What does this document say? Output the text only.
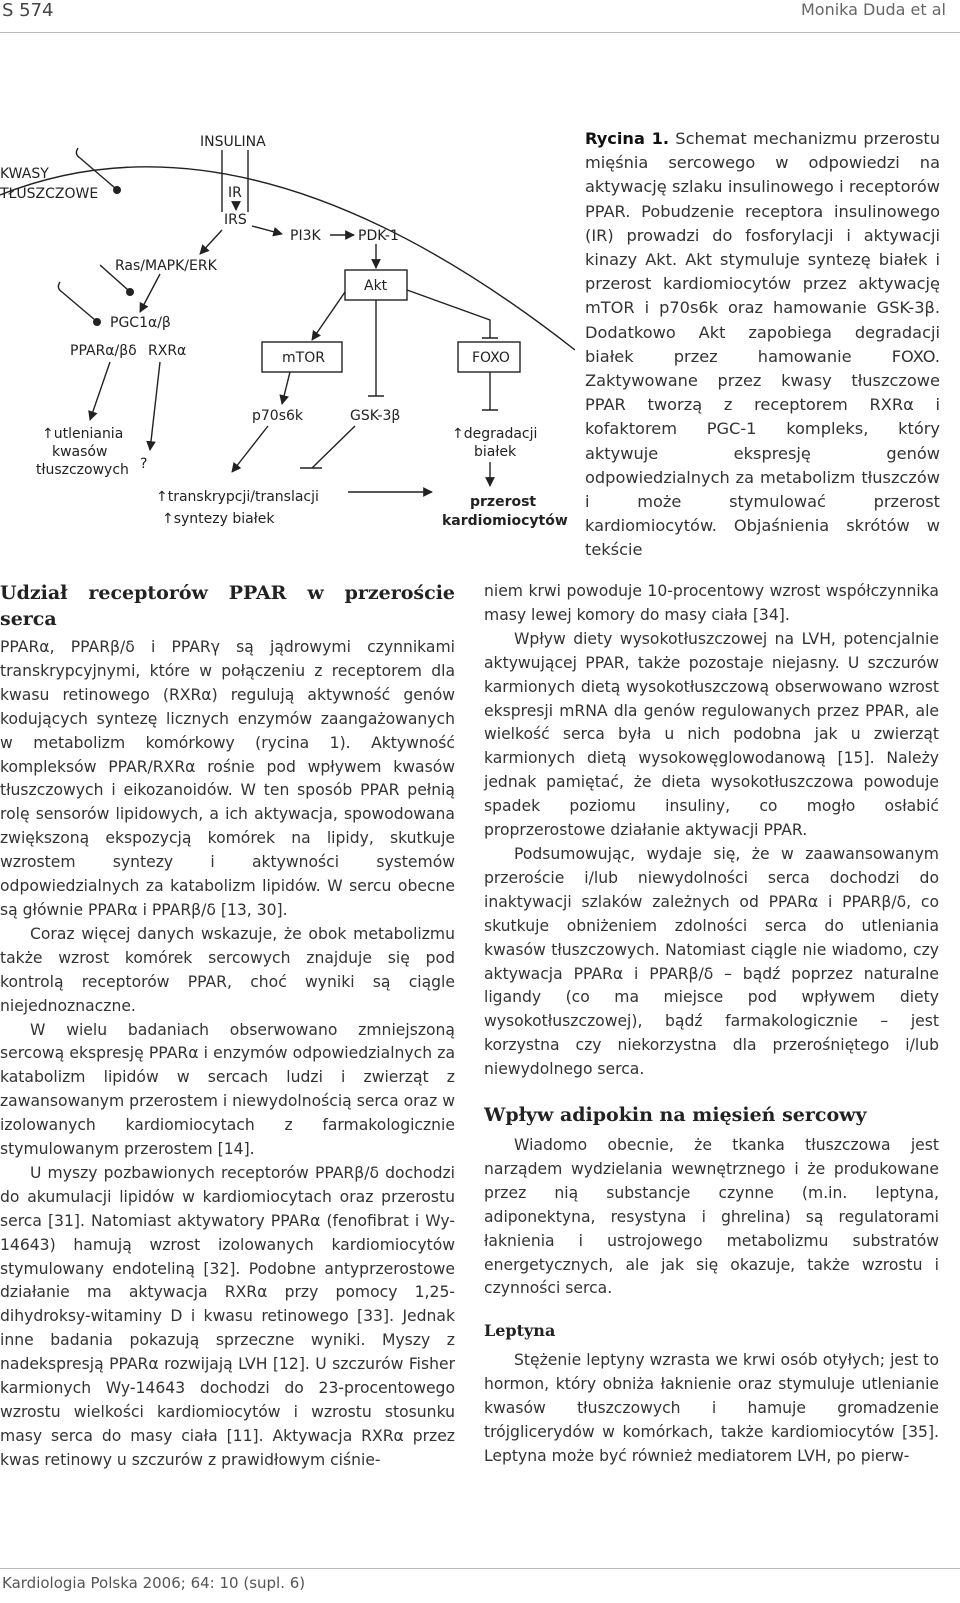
S 574	Monika Duda et al
INSULINA
KWASY
TŁUSZCZOWE	IR
IRS
PI3K	PDK-1
Ras/MAPK/ERK
PGC1α/β
PPARα/βδ RXRα
p70s6k	GSK-3β
↑utleniania
kwasów
tłuszczowych ?
↑degradacji
białek
↑transkrypcji/translacji
↑syntezy białek
przerost
kardiomiocytów
Akt
mTOR	FOXO
Rycina 1. Schemat mechanizmu przerostu mięśnia sercowego w odpowiedzi na aktywację szlaku insulinowego i receptorów PPAR. Pobudzenie receptora insulinowego (IR) prowadzi do fosforylacji i aktywacji kinazy Akt. Akt stymuluje syntezę białek i przerost kardiomiocytów przez aktywację mTOR i p70s6k oraz hamowanie GSK-3β. Dodatkowo Akt zapobiega degradacji białek przez hamowanie FOXO. Zaktywowane przez kwasy tłuszczowe PPAR tworzą z receptorem RXRα i kofaktorem PGC-1 kompleks, który aktywuje ekspresję genów odpowiedzialnych za metabolizm tłuszczów i może stymulować przerost kardiomiocytów. Objaśnienia skrótów w tekście
Udział receptorów PPAR w przeroście serca

PPARα, PPARβ/δ i PPARγ są jądrowymi czynnikami transkrypcyjnymi, które w połączeniu z receptorem dla kwasu retinowego (RXRα) regulują aktywność genów kodujących syntezę licznych enzymów zaangażowanych w metabolizm komórkowy (rycina 1). Aktywność kompleksów PPAR/RXRα rośnie pod wpływem kwasów tłuszczowych i eikozanoidów. W ten sposób PPAR pełnią rolę sensorów lipidowych, a ich aktywacja, spowodowana zwiększoną ekspozycją komórek na lipidy, skutkuje wzrostem syntezy i aktywności systemów odpowiedzialnych za katabolizm lipidów. W sercu obecne są głównie PPARα i PPARβ/δ [13, 30].

Coraz więcej danych wskazuje, że obok metabolizmu także wzrost komórek sercowych znajduje się pod kontrolą receptorów PPAR, choć wyniki są ciągle niejednoznaczne.

W wielu badaniach obserwowano zmniejszoną sercową ekspresję PPARα i enzymów odpowiedzialnych za katabolizm lipidów w sercach ludzi i zwierząt z zawansowanym przerostem i niewydolnością serca oraz w izolowanych kardiomiocytach z farmakologicznie stymulowanym przerostem [14].

U myszy pozbawionych receptorów PPARβ/δ dochodzi do akumulacji lipidów w kardiomiocytach oraz przerostu serca [31]. Natomiast aktywatory PPARα (fenofibrat i Wy-14643) hamują wzrost izolowanych kardiomiocytów stymulowany endoteliną [32]. Podobne antyprzerostowe działanie ma aktywacja RXRα przy pomocy 1,25-dihydroksy-witaminy D i kwasu retinowego [33]. Jednak inne badania pokazują sprzeczne wyniki. Myszy z nadekspresją PPARα rozwijają LVH [12]. U szczurów Fisher karmionych Wy-14643 dochodzi do 23-procentowego wzrostu wielkości kardiomiocytów i wzrostu stosunku masy serca do masy ciała [11]. Aktywacja RXRα przez kwas retinowy u szczurów z prawidłowym ciśnie-

niem krwi powoduje 10-procentowy wzrost współczynnika masy lewej komory do masy ciała [34].

Wpływ diety wysokotłuszczowej na LVH, potencjalnie aktywującej PPAR, także pozostaje niejasny. U szczurów karmionych dietą wysokotłuszczową obserwowano wzrost ekspresji mRNA dla genów regulowanych przez PPAR, ale wielkość serca była u nich podobna jak u zwierząt karmionych dietą wysokowęglowodanową [15]. Należy jednak pamiętać, że dieta wysokotłuszczowa powoduje spadek poziomu insuliny, co mogło osłabić proprzerostowe działanie aktywacji PPAR.

Podsumowując, wydaje się, że w zaawansowanym przeroście i/lub niewydolności serca dochodzi do inaktywacji szlaków zależnych od PPARα i PPARβ/δ, co skutkuje obniżeniem zdolności serca do utleniania kwasów tłuszczowych. Natomiast ciągle nie wiadomo, czy aktywacja PPARα i PPARβ/δ – bądź poprzez naturalne ligandy (co ma miejsce pod wpływem diety wysokotłuszczowej), bądź farmakologicznie – jest korzystna czy niekorzystna dla przerośniętego i/lub niewydolnego serca.

Wpływ adipokin na mięsień sercowy

Wiadomo obecnie, że tkanka tłuszczowa jest narządem wydzielania wewnętrznego i że produkowane przez nią substancje czynne (m.in. leptyna, adiponektyna, resystyna i ghrelina) są regulatorami łaknienia i ustrojowego metabolizmu substratów energetycznych, ale jak się okazuje, także wzrostu i czynności serca.

Leptyna

Stężenie leptyny wzrasta we krwi osób otyłych; jest to hormon, który obniża łaknienie oraz stymuluje utlenianie kwasów tłuszczowych i hamuje gromadzenie trójglicerydów w komórkach, także kardiomiocytów [35]. Leptyna może być również mediatorem LVH, po pierw-

Kardiologia Polska 2006; 64: 10 (supl. 6)
